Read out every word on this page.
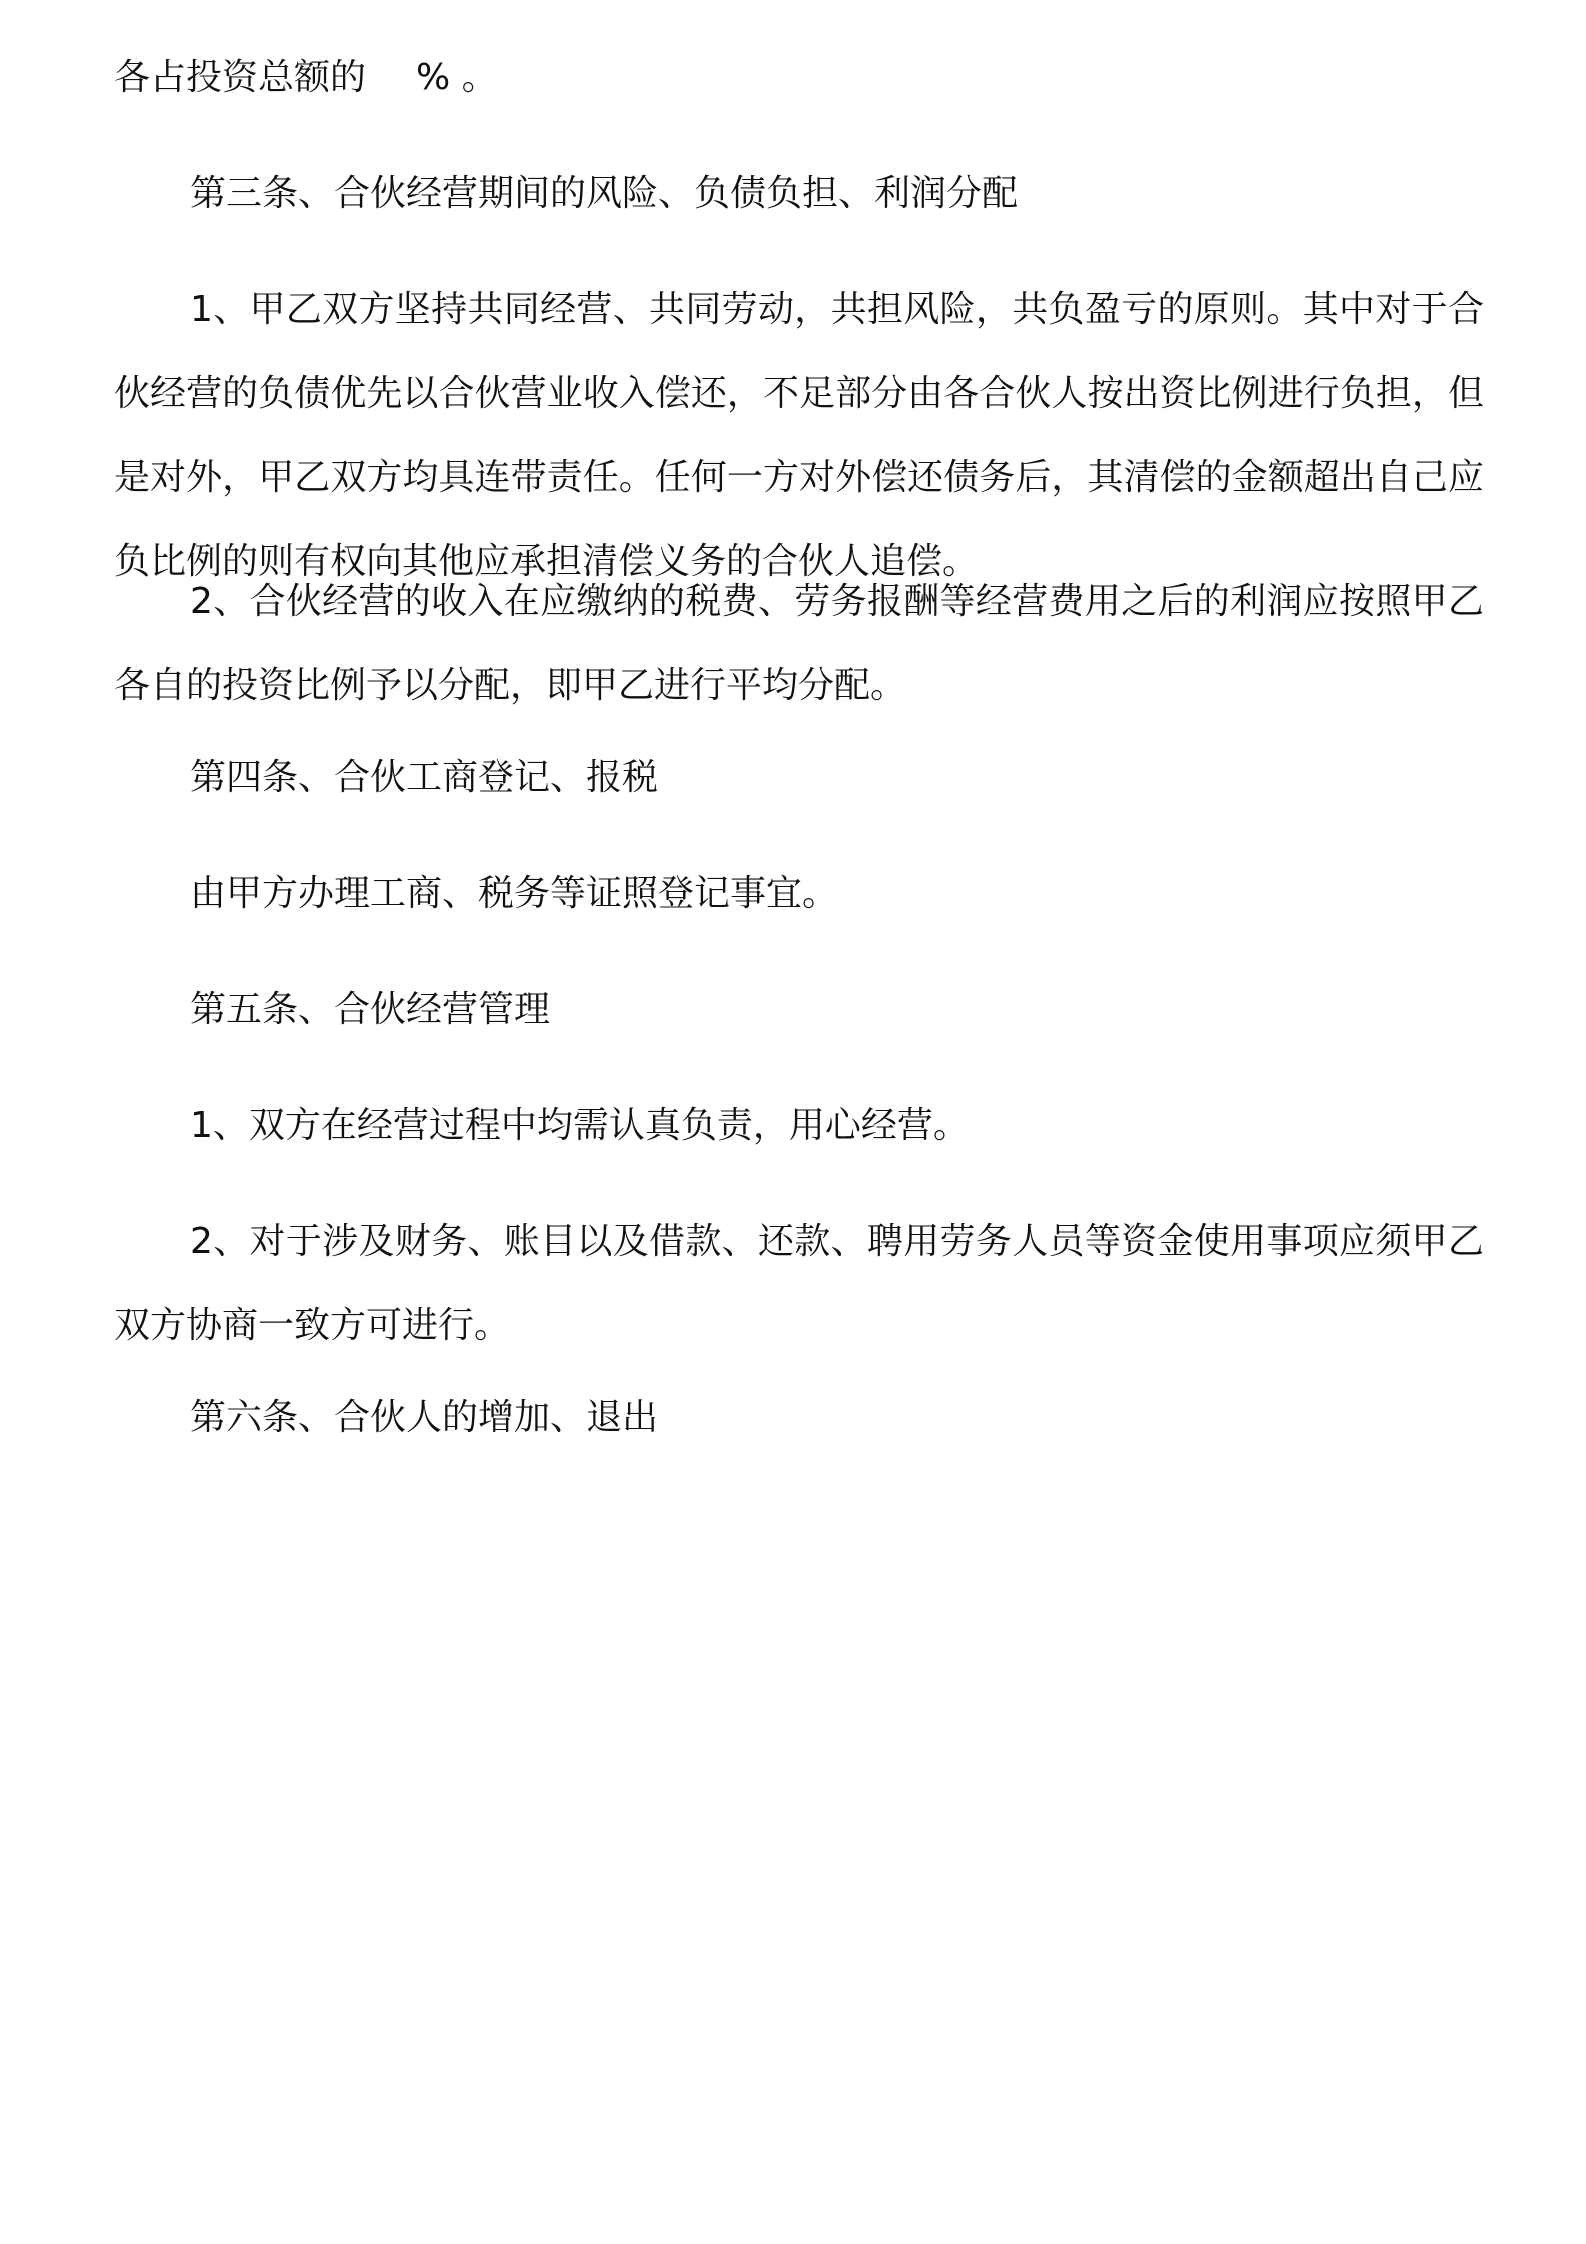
各占投资总额的 % 。

第三条、合伙经营期间的风险、负债负担、利润分配

1、甲乙双方坚持共同经营、共同劳动，共担风险，共负盈亏的原则。其中对于合伙经营的负债优先以合伙营业收入偿还，不足部分由各合伙人按出资比例进行负担，但是对外，甲乙双方均具连带责任。任何一方对外偿还债务后，其清偿的金额超出自己应负比例的则有权向其他应承担清偿义务的合伙人追偿。

2、合伙经营的收入在应缴纳的税费、劳务报酬等经营费用之后的利润应按照甲乙各自的投资比例予以分配，即甲乙进行平均分配。

第四条、合伙工商登记、报税

由甲方办理工商、税务等证照登记事宜。

第五条、合伙经营管理

1、双方在经营过程中均需认真负责，用心经营。

2、对于涉及财务、账目以及借款、还款、聘用劳务人员等资金使用事项应须甲乙双方协商一致方可进行。

第六条、合伙人的增加、退出
